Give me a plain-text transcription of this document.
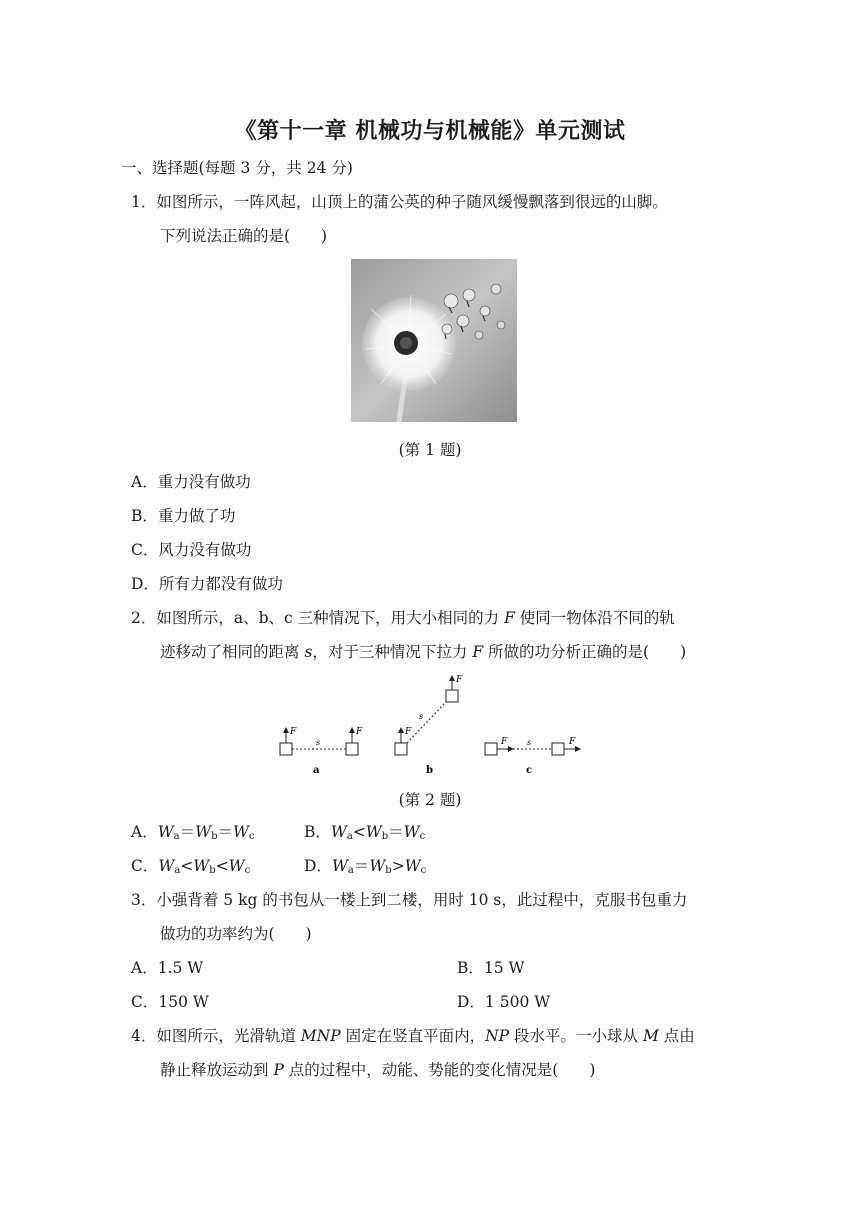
《第十一章 机械功与机械能》单元测试
一、选择题(每题 3 分，共 24 分)
1．如图所示，一阵风起，山顶上的蒲公英的种子随风缓慢飘落到很远的山脚。
下列说法正确的是(　　)
(第 1 题)
A．重力没有做功
B．重力做了功
C．风力没有做功
D．所有力都没有做功
2．如图所示，a、b、c 三种情况下，用大小相同的力 F 使同一物体沿不同的轨
迹移动了相同的距离 s，对于三种情况下拉力 F 所做的功分析正确的是(　　)
F	F
s
a
F
F
s
b
F	F
s
c
(第 2 题)
A．$W_a=W_b=W_c$	B．$W_a<W_b=W_c$
C．$W_a<W_b<W_c$	D．$W_a=W_b>W_c$
3．小强背着 5 kg 的书包从一楼上到二楼，用时 10 s，此过程中，克服书包重力
做功的功率约为(　　)
A．1.5 W	B．15 W
C．150 W	D．1 500 W
4．如图所示，光滑轨道 MNP 固定在竖直平面内，NP 段水平。一小球从 M 点由
静止释放运动到 P 点的过程中，动能、势能的变化情况是(　　)
